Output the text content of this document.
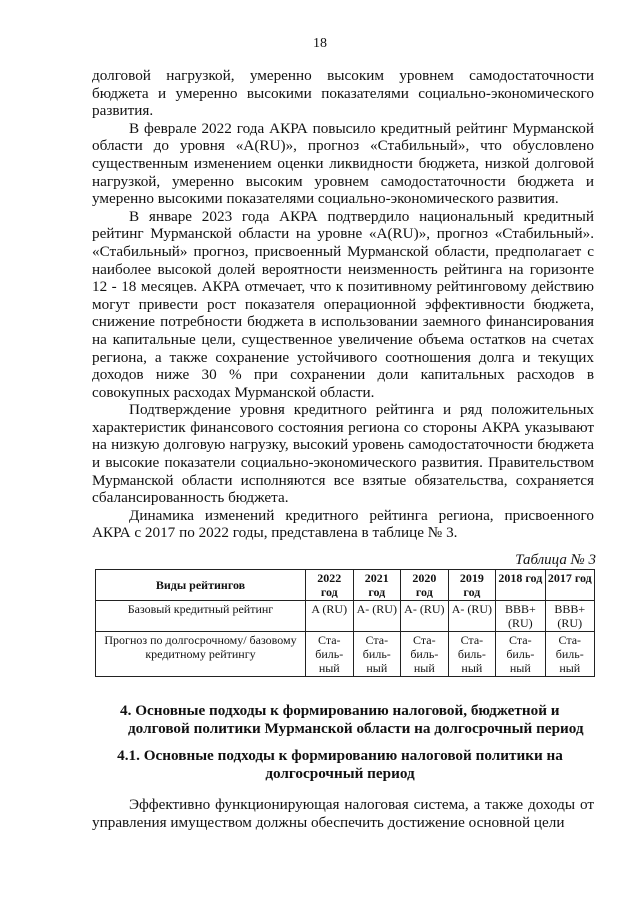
18

долговой нагрузкой, умеренно высоким уровнем самодостаточности бюджета и умеренно высокими показателями социально-экономического развития.

В феврале 2022 года АКРА повысило кредитный рейтинг Мурманской области до уровня «A(RU)», прогноз «Стабильный», что обусловлено существенным изменением оценки ликвидности бюджета, низкой долговой нагрузкой, умеренно высоким уровнем самодостаточности бюджета и умеренно высокими показателями социально-экономического развития.

В январе 2023 года АКРА подтвердило национальный кредитный рейтинг Мурманской области на уровне «A(RU)», прогноз «Стабильный». «Стабильный» прогноз, присвоенный Мурманской области, предполагает с наиболее высокой долей вероятности неизменность рейтинга на горизонте 12 - 18 месяцев. АКРА отмечает, что к позитивному рейтинговому действию могут привести рост показателя операционной эффективности бюджета, снижение потребности бюджета в использовании заемного финансирования на капитальные цели, существенное увеличение объема остатков на счетах региона, а также сохранение устойчивого соотношения долга и текущих доходов ниже 30 % при сохранении доли капитальных расходов в совокупных расходах Мурманской области.

Подтверждение уровня кредитного рейтинга и ряд положительных характеристик финансового состояния региона со стороны АКРА указывают на низкую долговую нагрузку, высокий уровень самодостаточности бюджета и высокие показатели социально-экономического развития. Правительством Мурманской области исполняются все взятые обязательства, сохраняется сбалансированность бюджета.

Динамика изменений кредитного рейтинга региона, присвоенного АКРА с 2017 по 2022 годы, представлена в таблице № 3.

Таблица № 3
Виды рейтингов	2022 год	2021 год	2020 год	2019 год	2018 год	2017 год
Базовый кредитный рейтинг	A (RU)	A- (RU)	A- (RU)	A- (RU)	BBB+ (RU)	BBB+ (RU)
Прогноз по долгосрочному/ базовому кредитному рейтингу	Ста-биль-ный	Ста-биль-ный	Ста-биль-ный	Ста-биль-ный	Ста-биль-ный	Ста-биль-ный
4. Основные подходы к формированию налоговой, бюджетной и
долговой политики Мурманской области на долгосрочный период
4.1. Основные подходы к формированию налоговой политики на
долгосрочный период

Эффективно функционирующая налоговая система, а также доходы от управления имуществом должны обеспечить достижение основной цели
